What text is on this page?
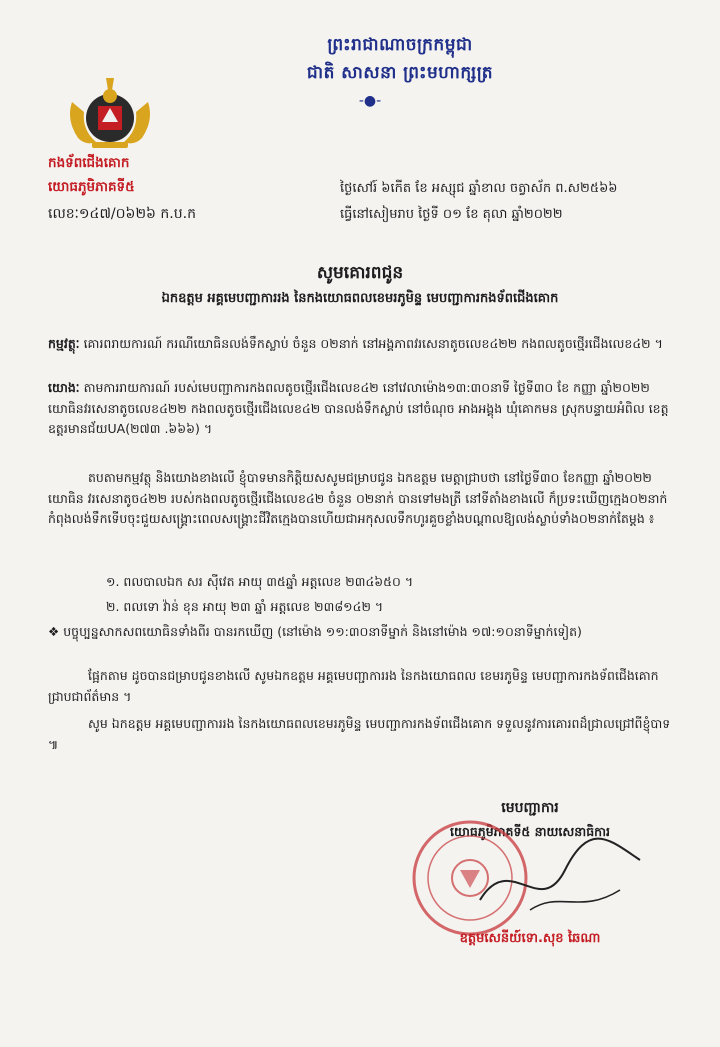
ព្រះរាជាណាចក្រកម្ពុជា
ជាតិ សាសនា ព្រះមហាក្សត្រ
-●-
កងទ័ពជើងគោក
យោធភូមិភាគទី៥
លេខៈ១៤៧/០៦២៦ ក.ប.ក
ថ្ងៃសៅរ៍ ៦កើត ខែ អស្សុជ ឆ្នាំខាល ចត្វាស័ក ព.ស២៥៦៦
ធ្វើនៅសៀមរាប ថ្ងៃទី ០១ ខែ តុលា ឆ្នាំ២០២២
សូមគោរពជូន
ឯកឧត្តម អគ្គមេបញ្ជាការរង នៃកងយោធពលខេមរភូមិន្ទ មេបញ្ជាការកងទ័ពជើងគោក
កម្មវត្ថុៈ គោរពរាយការណ៍ ករណីយោធិនលង់ទឹកស្លាប់ ចំនួន ០២នាក់ នៅអង្គភាពវរសេនាតូចលេខ៤២២ កងពលតូចថ្មើរជើងលេខ៤២ ។
យោងៈ តាមការរាយការណ៍ របស់មេបញ្ជាការកងពលតូចថ្មើរជើងលេខ៤២ នៅវេលាម៉ោង១៣:៣០នាទី ថ្ងៃទី៣០ ខែ កញ្ញា ឆ្នាំ២០២២ យោធិនវរសេនាតូចលេខ៤២២ កងពលតូចថ្មើរជើងលេខ៤២ បានលង់ទឹកស្លាប់ នៅចំណុច អាងអង្គុង ឃុំគោកមន ស្រុកបន្ទាយអំពិល ខេត្តឧត្តរមានជ័យUA(២៧៣ .៦៦៦) ។

តបតាមកម្មវត្ថុ និងយោងខាងលើ ខ្ញុំបាទមានកិត្តិយសសូមជម្រាបជូន ឯកឧត្តម មេត្តាជ្រាបថា នៅថ្ងៃទី៣០ ខែកញ្ញា ឆ្នាំ២០២២ យោធិន វរសេនាតូច៤២២ របស់កងពលតូចថ្មើរជើងលេខ៤២ ចំនួន ០២នាក់ បានទៅមងត្រី នៅទីតាំងខាងលើ ក៏ប្រទះឃើញក្មេង០២នាក់ កំពុងលង់ទឹកទើបចុះជួយសង្គ្រោះពេលសង្គ្រោះជីវិតក្មេងបានហើយជាអកុសលទឹកហូរគួចខ្លាំងបណ្តាលឱ្យលង់ស្លាប់ទាំង០២នាក់តែម្តង ៖

១. ពលបាលឯក សរ ស៊ីវេត អាយុ ៣៥ឆ្នាំ អត្តលេខ ២៣៤៦៥០ ។
២. ពលទោ វ៉ាន់ ខុន អាយុ ២៣ ឆ្នាំ អត្តលេខ ២៣៨១៤២ ។
❖ បច្ចុប្បន្នសាកសពយោធិនទាំងពីរ បានរកឃើញ (នៅម៉ោង ១១:៣០នាទីម្នាក់ និងនៅម៉ោង ១៧:១០នាទីម្នាក់ទៀត)

ផ្អែកតាម ដូចបានជម្រាបជូនខាងលើ សូមឯកឧត្តម អគ្គមេបញ្ជាការរង នៃកងយោធពល ខេមរភូមិន្ទ មេបញ្ជាការកងទ័ពជើងគោក ជ្រាបជាព័ត៌មាន ។

សូម ឯកឧត្តម អគ្គមេបញ្ជាការរង នៃកងយោធពលខេមរភូមិន្ទ មេបញ្ជាការកងទ័ពជើងគោក ទទួលនូវការគោរពដ៏ជ្រាលជ្រៅពីខ្ញុំបាទ ៕

មេបញ្ជាការ
យោធភូមិភាគទី៥ នាយសេនាធិការ
ឧត្តមសេនីយ៍ទោ.សុខ ឆៃណា
